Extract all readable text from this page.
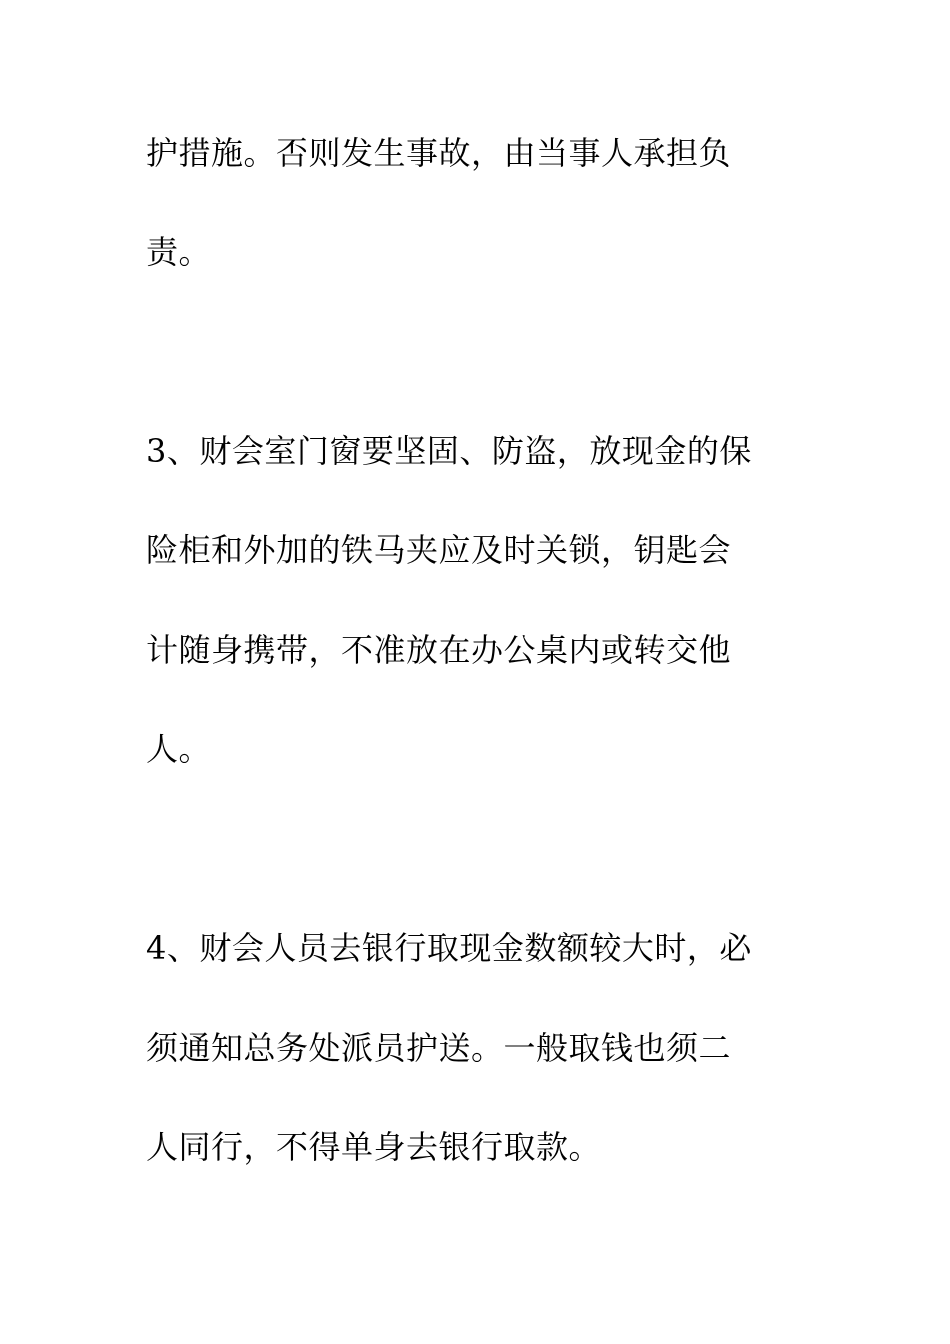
护措施。否则发生事故，由当事人承担负

责。

3、财会室门窗要坚固、防盗，放现金的保

险柜和外加的铁马夹应及时关锁，钥匙会

计随身携带，不准放在办公桌内或转交他

人。

4、财会人员去银行取现金数额较大时，必

须通知总务处派员护送。一般取钱也须二

人同行，不得单身去银行取款。
